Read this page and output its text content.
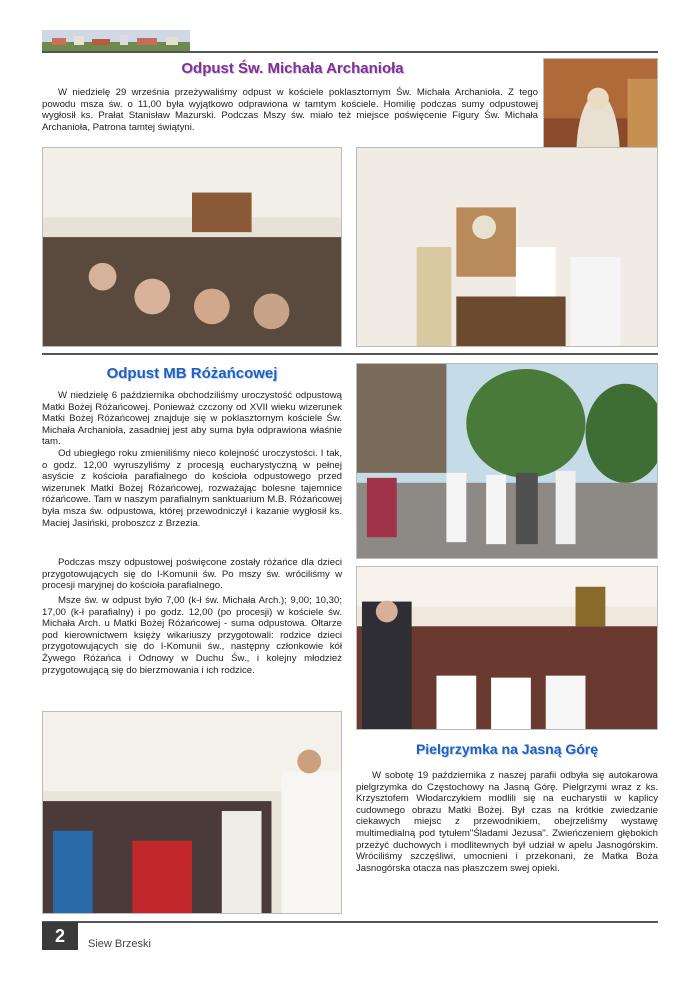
Odpust Św. Michała Archanioła

W niedzielę 29 września przeżywaliśmy odpust w kościele poklasztornym Św. Michała Archanioła. Z tego powodu msza św. o 11,00 była wyjątkowo odprawiona w tamtym kościele. Homilię podczas sumy odpustowej wygłosił ks. Prałat Stanisław Mazurski. Podczas Mszy św. miało też miejsce poświęcenie Figury Św. Michała Archanioła, Patrona tamtej świątyni.

Odpust MB Różańcowej

W niedzielę 6 października obchodziliśmy uroczystość odpustową Matki Bożej Różańcowej. Ponieważ czczony od XVII wieku wizerunek Matki Bożej Różańcowej znajduje się w poklasztornym kościele Św. Michała Archanioła, zasadniej jest aby suma była odprawiona właśnie tam.

Od ubiegłego roku zmieniliśmy nieco kolejność uroczystości. I tak, o godz. 12,00 wyruszyliśmy z procesją eucharystyczną w pełnej asyście z kościoła parafialnego do kościoła odpustowego przed wizerunek Matki Bożej Różańcowej, rozważając bolesne tajemnice różańcowe. Tam w naszym parafialnym sanktuarium M.B. Różańcowej była msza św. odpustowa, której przewodniczył i kazanie wygłosił ks. Maciej Jasiński, proboszcz z Brzezia.

Podczas mszy odpustowej poświęcone zostały różańce dla dzieci przygotowujących się do I-Komunii św. Po mszy św. wróciliśmy w procesji maryjnej do kościoła parafialnego.

Msze św. w odpust było 7,00 (k-ł św. Michała Arch.); 9,00; 10,30; 17,00 (k-ł parafialny) i po godz. 12,00 (po procesji) w kościele św. Michała Arch. u Matki Bożej Różańcowej - suma odpustowa. Ołtarze pod kierownictwem księży wikariuszy przygotowali: rodzice dzieci przygotowujących się do I-Komunii św., następny członkowie kół Żywego Różańca i Odnowy w Duchu Św., i kolejny młodzież przygotowującą się do bierzmowania i ich rodzice.

Pielgrzymka na Jasną Górę

W sobotę 19 października z naszej parafii odbyła się autokarowa pielgrzymka do Częstochowy na Jasną Górę. Pielgrzymi wraz z ks. Krzysztofem Włodarczykiem modlili się na eucharystii w kaplicy cudownego obrazu Matki Bożej. Był czas na krótkie zwiedzanie ciekawych miejsc z przewodnikiem, obejrzeliśmy wystawę multimedialną pod tytułem"Śladami Jezusa". Zwieńczeniem głębokich przeżyć duchowych i modlitewnych był udział w apelu Jasnogórskim. Wróciliśmy szczęśliwi, umocnieni i przekonani, że Matka Boża Jasnogórska otacza nas płaszczem swej opieki.

2	Siew Brzeski
